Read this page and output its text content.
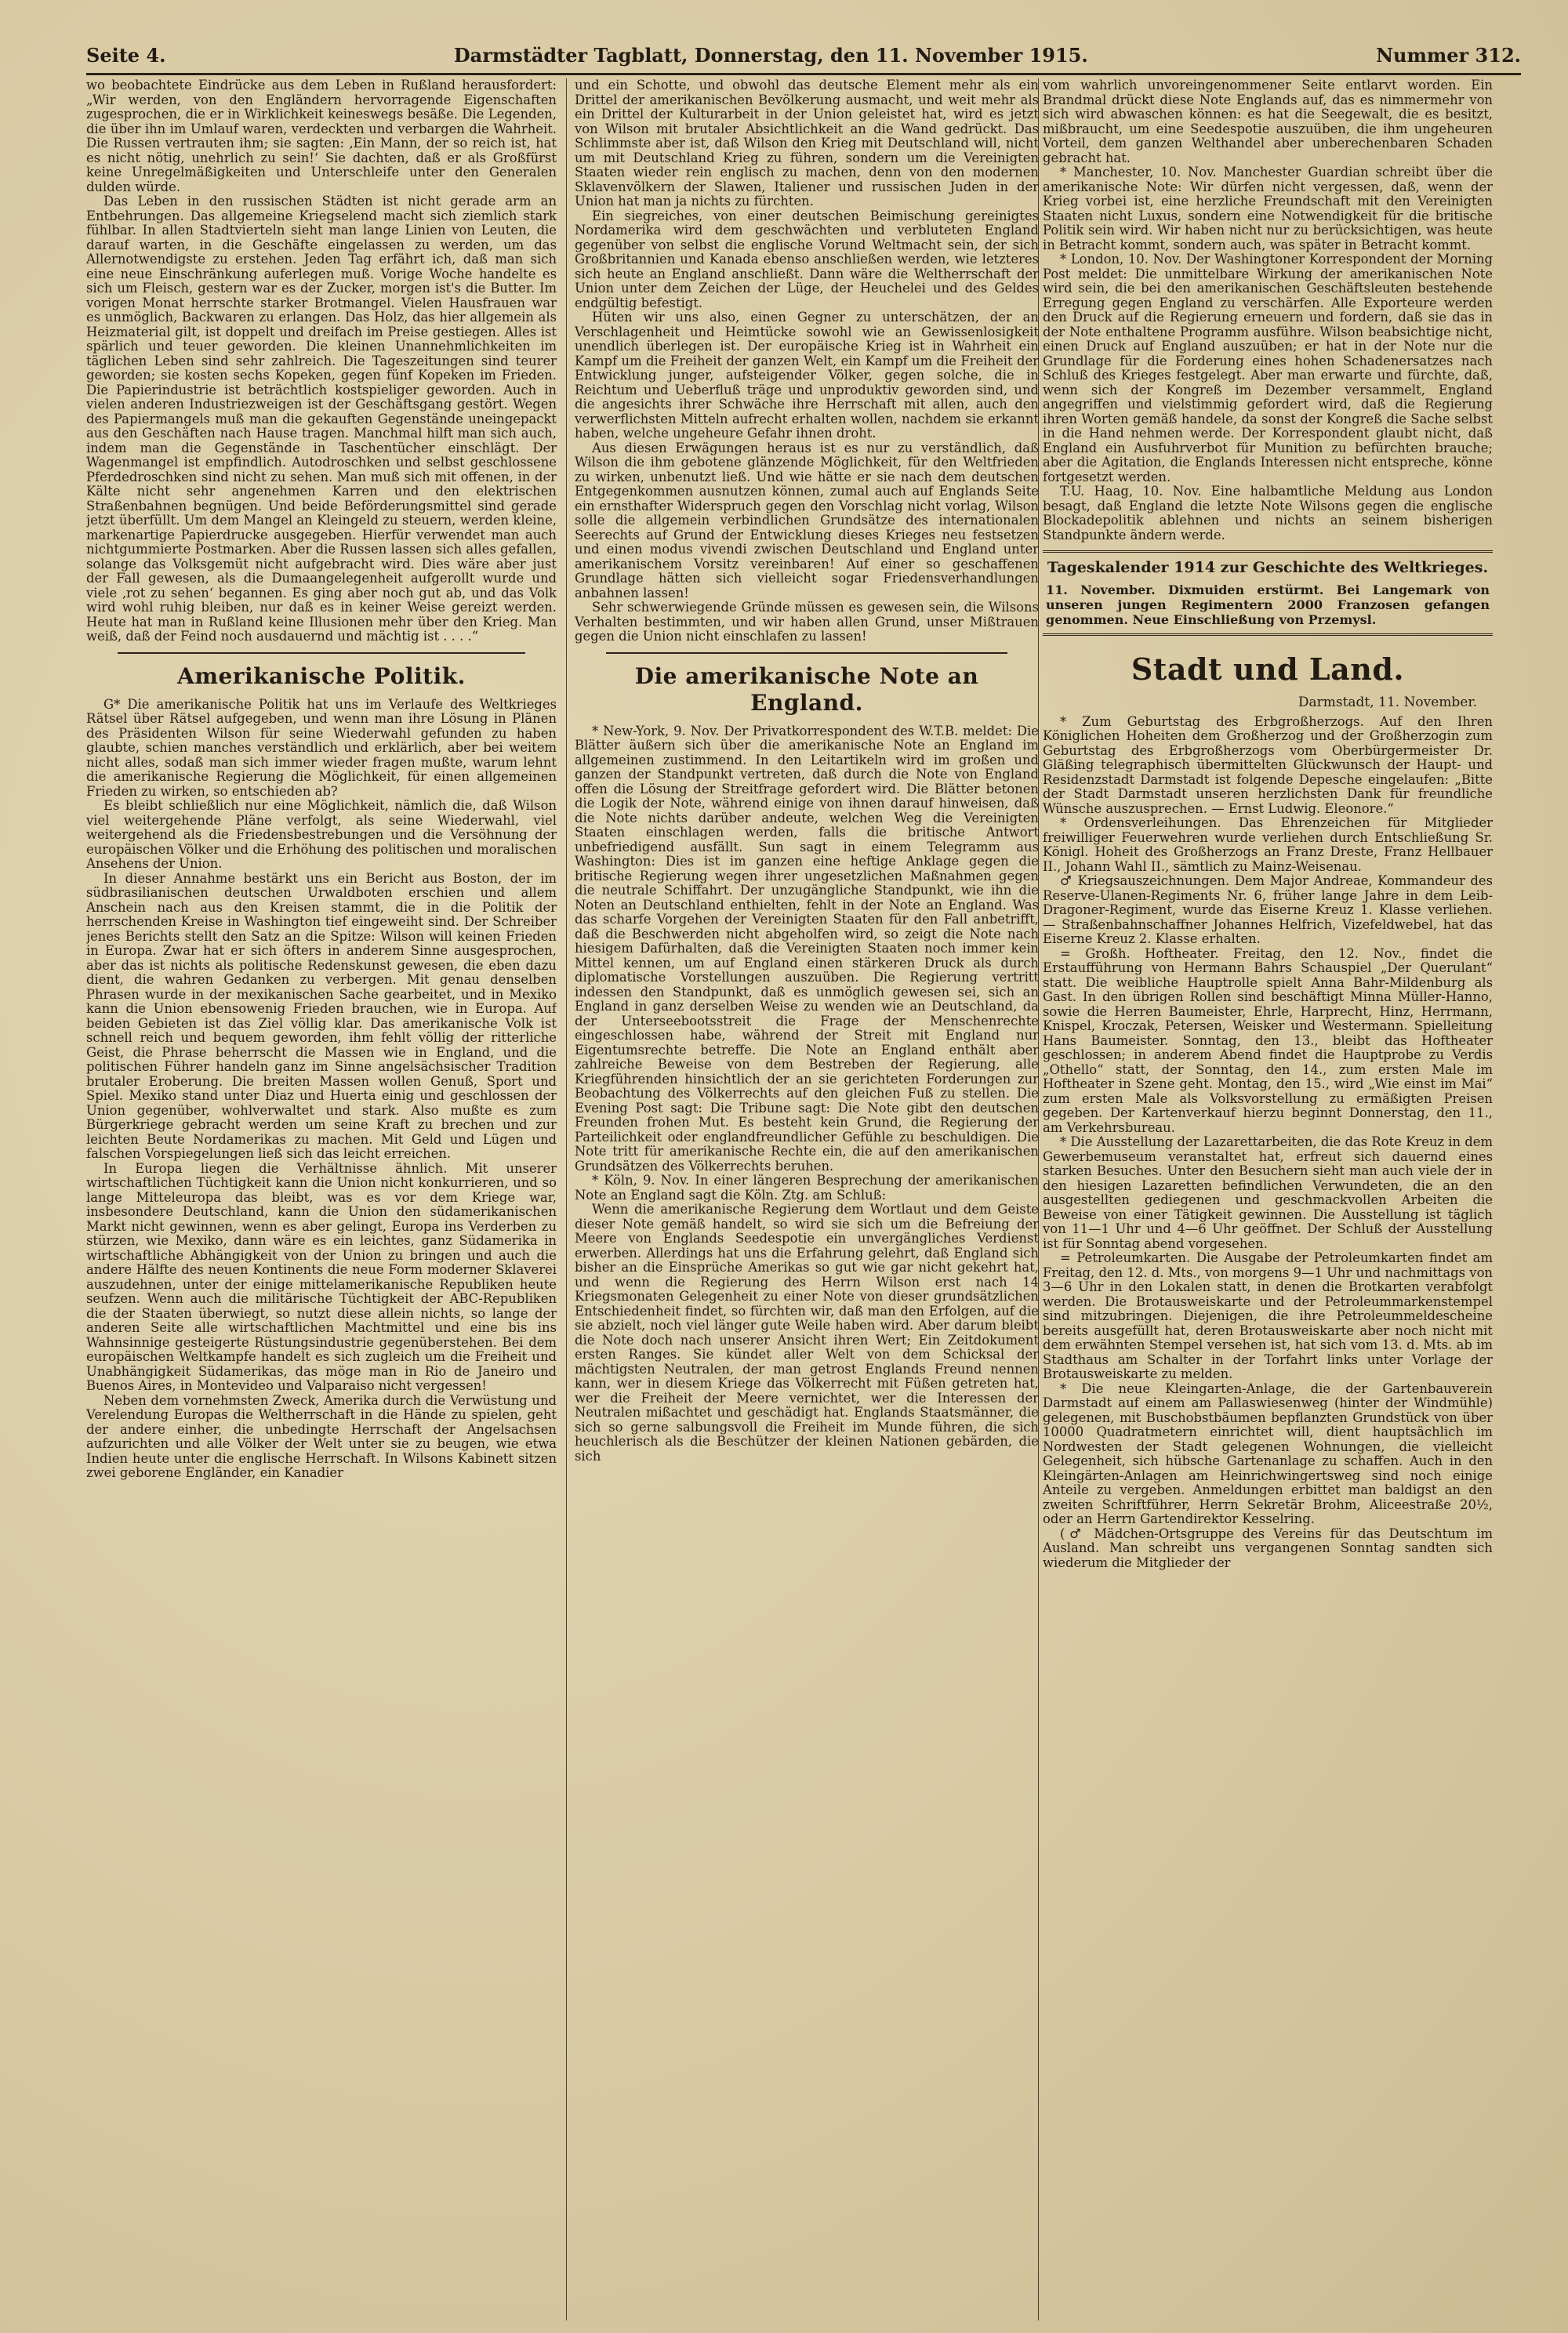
Seite 4.	Darmstädter Tagblatt, Donnerstag, den 11. November 1915.	Nummer 312.

wo beobachtete Eindrücke aus dem Leben in Rußland herausfordert: „Wir werden, von den Engländern hervorragende Eigenschaften zugesprochen, die er in Wirklichkeit keineswegs besäße. Die Legenden, die über ihn im Umlauf waren, verdeckten und verbargen die Wahrheit. Die Russen vertrauten ihm; sie sagten: ‚Ein Mann, der so reich ist, hat es nicht nötig, unehrlich zu sein!‘ Sie dachten, daß er als Großfürst keine Unregelmäßigkeiten und Unterschleife unter den Generalen dulden würde.

Das Leben in den russischen Städten ist nicht gerade arm an Entbehrungen. Das allgemeine Kriegselend macht sich ziemlich stark fühlbar. In allen Stadtvierteln sieht man lange Linien von Leuten, die darauf warten, in die Geschäfte eingelassen zu werden, um das Allernotwendigste zu erstehen. Jeden Tag erfährt ich, daß man sich eine neue Einschränkung auferlegen muß. Vorige Woche handelte es sich um Fleisch, gestern war es der Zucker, morgen ist's die Butter. Im vorigen Monat herrschte starker Brotmangel. Vielen Hausfrauen war es unmöglich, Backwaren zu erlangen. Das Holz, das hier allgemein als Heizmaterial gilt, ist doppelt und dreifach im Preise gestiegen. Alles ist spärlich und teuer geworden. Die kleinen Unannehmlichkeiten im täglichen Leben sind sehr zahlreich. Die Tageszeitungen sind teurer geworden; sie kosten sechs Kopeken, gegen fünf Kopeken im Frieden. Die Papierindustrie ist beträchtlich kostspieliger geworden. Auch in vielen anderen Industriezweigen ist der Geschäftsgang gestört. Wegen des Papiermangels muß man die gekauften Gegenstände uneingepackt aus den Geschäften nach Hause tragen. Manchmal hilft man sich auch, indem man die Gegenstände in Taschentücher einschlägt. Der Wagenmangel ist empfindlich. Autodroschken und selbst geschlossene Pferdedroschken sind nicht zu sehen. Man muß sich mit offenen, in der Kälte nicht sehr angenehmen Karren und den elektrischen Straßenbahnen begnügen. Und beide Beförderungsmittel sind gerade jetzt überfüllt. Um dem Mangel an Kleingeld zu steuern, werden kleine, markenartige Papierdrucke ausgegeben. Hierfür verwendet man auch nichtgummierte Postmarken. Aber die Russen lassen sich alles gefallen, solange das Volksgemüt nicht aufgebracht wird. Dies wäre aber just der Fall gewesen, als die Dumaangelegenheit aufgerollt wurde und viele ‚rot zu sehen‘ begannen. Es ging aber noch gut ab, und das Volk wird wohl ruhig bleiben, nur daß es in keiner Weise gereizt werden. Heute hat man in Rußland keine Illusionen mehr über den Krieg. Man weiß, daß der Feind noch ausdauernd und mächtig ist . . . .“

Amerikanische Politik.

G* Die amerikanische Politik hat uns im Verlaufe des Weltkrieges Rätsel über Rätsel aufgegeben, und wenn man ihre Lösung in Plänen des Präsidenten Wilson für seine Wiederwahl gefunden zu haben glaubte, schien manches verständlich und erklärlich, aber bei weitem nicht alles, sodaß man sich immer wieder fragen mußte, warum lehnt die amerikanische Regierung die Möglichkeit, für einen allgemeinen Frieden zu wirken, so entschieden ab?

Es bleibt schließlich nur eine Möglichkeit, nämlich die, daß Wilson viel weitergehende Pläne verfolgt, als seine Wiederwahl, viel weitergehend als die Friedensbestrebungen und die Versöhnung der europäischen Völker und die Erhöhung des politischen und moralischen Ansehens der Union.

In dieser Annahme bestärkt uns ein Bericht aus Boston, der im südbrasilianischen deutschen Urwaldboten erschien und allem Anschein nach aus den Kreisen stammt, die in die Politik der herrschenden Kreise in Washington tief eingeweiht sind. Der Schreiber jenes Berichts stellt den Satz an die Spitze: Wilson will keinen Frieden in Europa. Zwar hat er sich öfters in anderem Sinne ausgesprochen, aber das ist nichts als politische Redenskunst gewesen, die eben dazu dient, die wahren Gedanken zu verbergen. Mit genau denselben Phrasen wurde in der mexikanischen Sache gearbeitet, und in Mexiko kann die Union ebensowenig Frieden brauchen, wie in Europa. Auf beiden Gebieten ist das Ziel völlig klar. Das amerikanische Volk ist schnell reich und bequem geworden, ihm fehlt völlig der ritterliche Geist, die Phrase beherrscht die Massen wie in England, und die politischen Führer handeln ganz im Sinne angelsächsischer Tradition brutaler Eroberung. Die breiten Massen wollen Genuß, Sport und Spiel. Mexiko stand unter Diaz und Huerta einig und geschlossen der Union gegenüber, wohlverwaltet und stark. Also mußte es zum Bürgerkriege gebracht werden um seine Kraft zu brechen und zur leichten Beute Nordamerikas zu machen. Mit Geld und Lügen und falschen Vorspiegelungen ließ sich das leicht erreichen.

In Europa liegen die Verhältnisse ähnlich. Mit unserer wirtschaftlichen Tüchtigkeit kann die Union nicht konkurrieren, und so lange Mitteleuropa das bleibt, was es vor dem Kriege war, insbesondere Deutschland, kann die Union den südamerikanischen Markt nicht gewinnen, wenn es aber gelingt, Europa ins Verderben zu stürzen, wie Mexiko, dann wäre es ein leichtes, ganz Südamerika in wirtschaftliche Abhängigkeit von der Union zu bringen und auch die andere Hälfte des neuen Kontinents die neue Form moderner Sklaverei auszudehnen, unter der einige mittelamerikanische Republiken heute seufzen. Wenn auch die militärische Tüchtigkeit der ABC-Republiken die der Staaten überwiegt, so nutzt diese allein nichts, so lange der anderen Seite alle wirtschaftlichen Machtmittel und eine bis ins Wahnsinnige gesteigerte Rüstungsindustrie gegenüberstehen. Bei dem europäischen Weltkampfe handelt es sich zugleich um die Freiheit und Unabhängigkeit Südamerikas, das möge man in Rio de Janeiro und Buenos Aires, in Montevideo und Valparaiso nicht vergessen!

Neben dem vornehmsten Zweck, Amerika durch die Verwüstung und Verelendung Europas die Weltherrschaft in die Hände zu spielen, geht der andere einher, die unbedingte Herrschaft der Angelsachsen aufzurichten und alle Völker der Welt unter sie zu beugen, wie etwa Indien heute unter die englische Herrschaft. In Wilsons Kabinett sitzen zwei geborene Engländer, ein Kanadier

und ein Schotte, und obwohl das deutsche Element mehr als ein Drittel der amerikanischen Bevölkerung ausmacht, und weit mehr als ein Drittel der Kulturarbeit in der Union geleistet hat, wird es jetzt von Wilson mit brutaler Absichtlichkeit an die Wand gedrückt. Das Schlimmste aber ist, daß Wilson den Krieg mit Deutschland will, nicht um mit Deutschland Krieg zu führen, sondern um die Vereinigten Staaten wieder rein englisch zu machen, denn von den modernen Sklavenvölkern der Slawen, Italiener und russischen Juden in der Union hat man ja nichts zu fürchten.

Ein siegreiches, von einer deutschen Beimischung gereinigtes Nordamerika wird dem geschwächten und verbluteten England gegenüber von selbst die englische Vorund Weltmacht sein, der sich Großbritannien und Kanada ebenso anschließen werden, wie letzteres sich heute an England anschließt. Dann wäre die Weltherrschaft der Union unter dem Zeichen der Lüge, der Heuchelei und des Geldes endgültig befestigt.

Hüten wir uns also, einen Gegner zu unterschätzen, der an Verschlagenheit und Heimtücke sowohl wie an Gewissenlosigkeit unendlich überlegen ist. Der europäische Krieg ist in Wahrheit ein Kampf um die Freiheit der ganzen Welt, ein Kampf um die Freiheit der Entwicklung junger, aufsteigender Völker, gegen solche, die in Reichtum und Ueberfluß träge und unproduktiv geworden sind, und die angesichts ihrer Schwäche ihre Herrschaft mit allen, auch den verwerflichsten Mitteln aufrecht erhalten wollen, nachdem sie erkannt haben, welche ungeheure Gefahr ihnen droht.

Aus diesen Erwägungen heraus ist es nur zu verständlich, daß Wilson die ihm gebotene glänzende Möglichkeit, für den Weltfrieden zu wirken, unbenutzt ließ. Und wie hätte er sie nach dem deutschen Entgegenkommen ausnutzen können, zumal auch auf Englands Seite ein ernsthafter Widerspruch gegen den Vorschlag nicht vorlag, Wilson solle die allgemein verbindlichen Grundsätze des internationalen Seerechts auf Grund der Entwicklung dieses Krieges neu festsetzen und einen modus vivendi zwischen Deutschland und England unter amerikanischem Vorsitz vereinbaren! Auf einer so geschaffenen Grundlage hätten sich vielleicht sogar Friedensverhandlungen anbahnen lassen!

Sehr schwerwiegende Gründe müssen es gewesen sein, die Wilsons Verhalten bestimmten, und wir haben allen Grund, unser Mißtrauen gegen die Union nicht einschlafen zu lassen!

Die amerikanische Note an England.

* New-York, 9. Nov. Der Privatkorrespondent des W.T.B. meldet: Die Blätter äußern sich über die amerikanische Note an England im allgemeinen zustimmend. In den Leitartikeln wird im großen und ganzen der Standpunkt vertreten, daß durch die Note von England offen die Lösung der Streitfrage gefordert wird. Die Blätter betonen die Logik der Note, während einige von ihnen darauf hinweisen, daß die Note nichts darüber andeute, welchen Weg die Vereinigten Staaten einschlagen werden, falls die britische Antwort unbefriedigend ausfällt. Sun sagt in einem Telegramm aus Washington: Dies ist im ganzen eine heftige Anklage gegen die britische Regierung wegen ihrer ungesetzlichen Maßnahmen gegen die neutrale Schiffahrt. Der unzugängliche Standpunkt, wie ihn die Noten an Deutschland enthielten, fehlt in der Note an England. Was das scharfe Vorgehen der Vereinigten Staaten für den Fall anbetrifft, daß die Beschwerden nicht abgeholfen wird, so zeigt die Note nach hiesigem Dafürhalten, daß die Vereinigten Staaten noch immer kein Mittel kennen, um auf England einen stärkeren Druck als durch diplomatische Vorstellungen auszuüben. Die Regierung vertritt indessen den Standpunkt, daß es unmöglich gewesen sei, sich an England in ganz derselben Weise zu wenden wie an Deutschland, da der Unterseebootsstreit die Frage der Menschenrechte eingeschlossen habe, während der Streit mit England nur Eigentumsrechte betreffe. Die Note an England enthält aber zahlreiche Beweise von dem Bestreben der Regierung, alle Kriegführenden hinsichtlich der an sie gerichteten Forderungen zur Beobachtung des Völkerrechts auf den gleichen Fuß zu stellen. Die Evening Post sagt: Die Tribune sagt: Die Note gibt den deutschen Freunden frohen Mut. Es besteht kein Grund, die Regierung der Parteilichkeit oder englandfreundlicher Gefühle zu beschuldigen. Die Note tritt für amerikanische Rechte ein, die auf den amerikanischen Grundsätzen des Völkerrechts beruhen.

* Köln, 9. Nov. In einer längeren Besprechung der amerikanischen Note an England sagt die Köln. Ztg. am Schluß:

Wenn die amerikanische Regierung dem Wortlaut und dem Geiste dieser Note gemäß handelt, so wird sie sich um die Befreiung der Meere von Englands Seedespotie ein unvergängliches Verdienst erwerben. Allerdings hat uns die Erfahrung gelehrt, daß England sich bisher an die Einsprüche Amerikas so gut wie gar nicht gekehrt hat, und wenn die Regierung des Herrn Wilson erst nach 14 Kriegsmonaten Gelegenheit zu einer Note von dieser grundsätzlichen Entschiedenheit findet, so fürchten wir, daß man den Erfolgen, auf die sie abzielt, noch viel länger gute Weile haben wird. Aber darum bleibt die Note doch nach unserer Ansicht ihren Wert; Ein Zeitdokument ersten Ranges. Sie kündet aller Welt von dem Schicksal der mächtigsten Neutralen, der man getrost Englands Freund nennen kann, wer in diesem Kriege das Völkerrecht mit Füßen getreten hat, wer die Freiheit der Meere vernichtet, wer die Interessen der Neutralen mißachtet und geschädigt hat. Englands Staatsmänner, die sich so gerne salbungsvoll die Freiheit im Munde führen, die sich heuchlerisch als die Beschützer der kleinen Nationen gebärden, die sich

vom wahrlich unvoreingenommener Seite entlarvt worden. Ein Brandmal drückt diese Note Englands auf, das es nimmermehr von sich wird abwaschen können: es hat die Seegewalt, die es besitzt, mißbraucht, um eine Seedespotie auszuüben, die ihm ungeheuren Vorteil, dem ganzen Welthandel aber unberechenbaren Schaden gebracht hat.

* Manchester, 10. Nov. Manchester Guardian schreibt über die amerikanische Note: Wir dürfen nicht vergessen, daß, wenn der Krieg vorbei ist, eine herzliche Freundschaft mit den Vereinigten Staaten nicht Luxus, sondern eine Notwendigkeit für die britische Politik sein wird. Wir haben nicht nur zu berücksichtigen, was heute in Betracht kommt, sondern auch, was später in Betracht kommt.

* London, 10. Nov. Der Washingtoner Korrespondent der Morning Post meldet: Die unmittelbare Wirkung der amerikanischen Note wird sein, die bei den amerikanischen Geschäftsleuten bestehende Erregung gegen England zu verschärfen. Alle Exporteure werden den Druck auf die Regierung erneuern und fordern, daß sie das in der Note enthaltene Programm ausführe. Wilson beabsichtige nicht, einen Druck auf England auszuüben; er hat in der Note nur die Grundlage für die Forderung eines hohen Schadenersatzes nach Schluß des Krieges festgelegt. Aber man erwarte und fürchte, daß, wenn sich der Kongreß im Dezember versammelt, England angegriffen und vielstimmig gefordert wird, daß die Regierung ihren Worten gemäß handele, da sonst der Kongreß die Sache selbst in die Hand nehmen werde. Der Korrespondent glaubt nicht, daß England ein Ausfuhrverbot für Munition zu befürchten brauche; aber die Agitation, die Englands Interessen nicht entspreche, könne fortgesetzt werden.

T.U. Haag, 10. Nov. Eine halbamtliche Meldung aus London besagt, daß England die letzte Note Wilsons gegen die englische Blockadepolitik ablehnen und nichts an seinem bisherigen Standpunkte ändern werde.

Tageskalender 1914 zur Geschichte des Weltkrieges.

11. November. Dixmuiden erstürmt. Bei Langemark von unseren jungen Regimentern 2000 Franzosen gefangen genommen. Neue Einschließung von Przemysl.

Stadt und Land.
Darmstadt, 11. November.

* Zum Geburtstag des Erbgroßherzogs. Auf den Ihren Königlichen Hoheiten dem Großherzog und der Großherzogin zum Geburtstag des Erbgroßherzogs vom Oberbürgermeister Dr. Gläßing telegraphisch übermittelten Glückwunsch der Haupt- und Residenzstadt Darmstadt ist folgende Depesche eingelaufen: „Bitte der Stadt Darmstadt unseren herzlichsten Dank für freundliche Wünsche auszusprechen. — Ernst Ludwig. Eleonore.“

* Ordensverleihungen. Das Ehrenzeichen für Mitglieder freiwilliger Feuerwehren wurde verliehen durch Entschließung Sr. Königl. Hoheit des Großherzogs an Franz Dreste, Franz Hellbauer II., Johann Wahl II., sämtlich zu Mainz-Weisenau.

♂ Kriegsauszeichnungen. Dem Major Andreae, Kommandeur des Reserve-Ulanen-Regiments Nr. 6, früher lange Jahre in dem Leib-Dragoner-Regiment, wurde das Eiserne Kreuz 1. Klasse verliehen. — Straßenbahnschaffner Johannes Helfrich, Vizefeldwebel, hat das Eiserne Kreuz 2. Klasse erhalten.

= Großh. Hoftheater. Freitag, den 12. Nov., findet die Erstaufführung von Hermann Bahrs Schauspiel „Der Querulant“ statt. Die weibliche Hauptrolle spielt Anna Bahr-Mildenburg als Gast. In den übrigen Rollen sind beschäftigt Minna Müller-Hanno, sowie die Herren Baumeister, Ehrle, Harprecht, Hinz, Herrmann, Knispel, Kroczak, Petersen, Weisker und Westermann. Spielleitung Hans Baumeister. Sonntag, den 13., bleibt das Hoftheater geschlossen; in anderem Abend findet die Hauptprobe zu Verdis „Othello“ statt, der Sonntag, den 14., zum ersten Male im Hoftheater in Szene geht. Montag, den 15., wird „Wie einst im Mai“ zum ersten Male als Volksvorstellung zu ermäßigten Preisen gegeben. Der Kartenverkauf hierzu beginnt Donnerstag, den 11., am Verkehrsbureau.

* Die Ausstellung der Lazarettarbeiten, die das Rote Kreuz in dem Gewerbemuseum veranstaltet hat, erfreut sich dauernd eines starken Besuches. Unter den Besuchern sieht man auch viele der in den hiesigen Lazaretten befindlichen Verwundeten, die an den ausgestellten gediegenen und geschmackvollen Arbeiten die Beweise von einer Tätigkeit gewinnen. Die Ausstellung ist täglich von 11—1 Uhr und 4—6 Uhr geöffnet. Der Schluß der Ausstellung ist für Sonntag abend vorgesehen.

= Petroleumkarten. Die Ausgabe der Petroleumkarten findet am Freitag, den 12. d. Mts., von morgens 9—1 Uhr und nachmittags von 3—6 Uhr in den Lokalen statt, in denen die Brotkarten verabfolgt werden. Die Brotausweiskarte und der Petroleummarkenstempel sind mitzubringen. Diejenigen, die ihre Petroleummeldescheine bereits ausgefüllt hat, deren Brotausweiskarte aber noch nicht mit dem erwähnten Stempel versehen ist, hat sich vom 13. d. Mts. ab im Stadthaus am Schalter in der Torfahrt links unter Vorlage der Brotausweiskarte zu melden.

* Die neue Kleingarten-Anlage, die der Gartenbauverein Darmstadt auf einem am Pallaswiesenweg (hinter der Windmühle) gelegenen, mit Buschobstbäumen bepflanzten Grundstück von über 10000 Quadratmetern einrichtet will, dient hauptsächlich im Nordwesten der Stadt gelegenen Wohnungen, die vielleicht Gelegenheit, sich hübsche Gartenanlage zu schaffen. Auch in den Kleingärten-Anlagen am Heinrichwingertsweg sind noch einige Anteile zu vergeben. Anmeldungen erbittet man baldigst an den zweiten Schriftführer, Herrn Sekretär Brohm, Aliceestraße 20½, oder an Herrn Gartendirektor Kesselring.

(♂ Mädchen-Ortsgruppe des Vereins für das Deutschtum im Ausland. Man schreibt uns vergangenen Sonntag sandten sich wiederum die Mitglieder der
